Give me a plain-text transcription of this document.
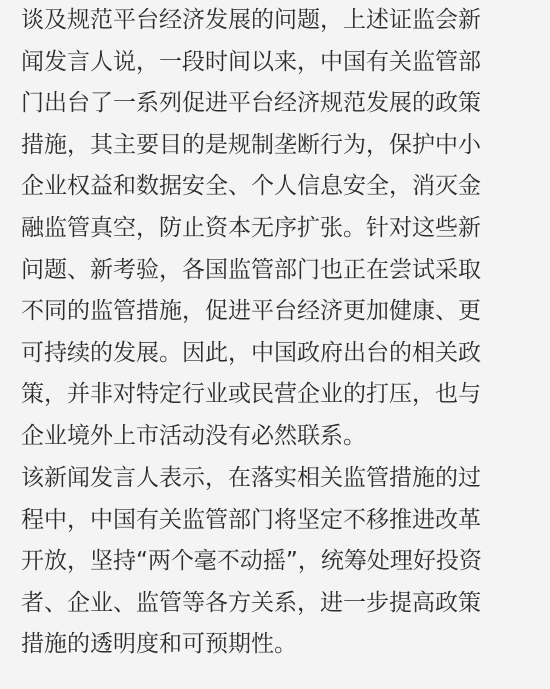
谈及规范平台经济发展的问题，上述证监会新
闻发言人说，一段时间以来，中国有关监管部
门出台了一系列促进平台经济规范发展的政策
措施，其主要目的是规制垄断行为，保护中小
企业权益和数据安全、个人信息安全，消灭金
融监管真空，防止资本无序扩张。针对这些新
问题、新考验，各国监管部门也正在尝试采取
不同的监管措施，促进平台经济更加健康、更
可持续的发展。因此，中国政府出台的相关政
策，并非对特定行业或民营企业的打压，也与
企业境外上市活动没有必然联系。

该新闻发言人表示，在落实相关监管措施的过
程中，中国有关监管部门将坚定不移推进改革
开放，坚持“两个毫不动摇”，统筹处理好投资
者、企业、监管等各方关系，进一步提高政策
措施的透明度和可预期性。
